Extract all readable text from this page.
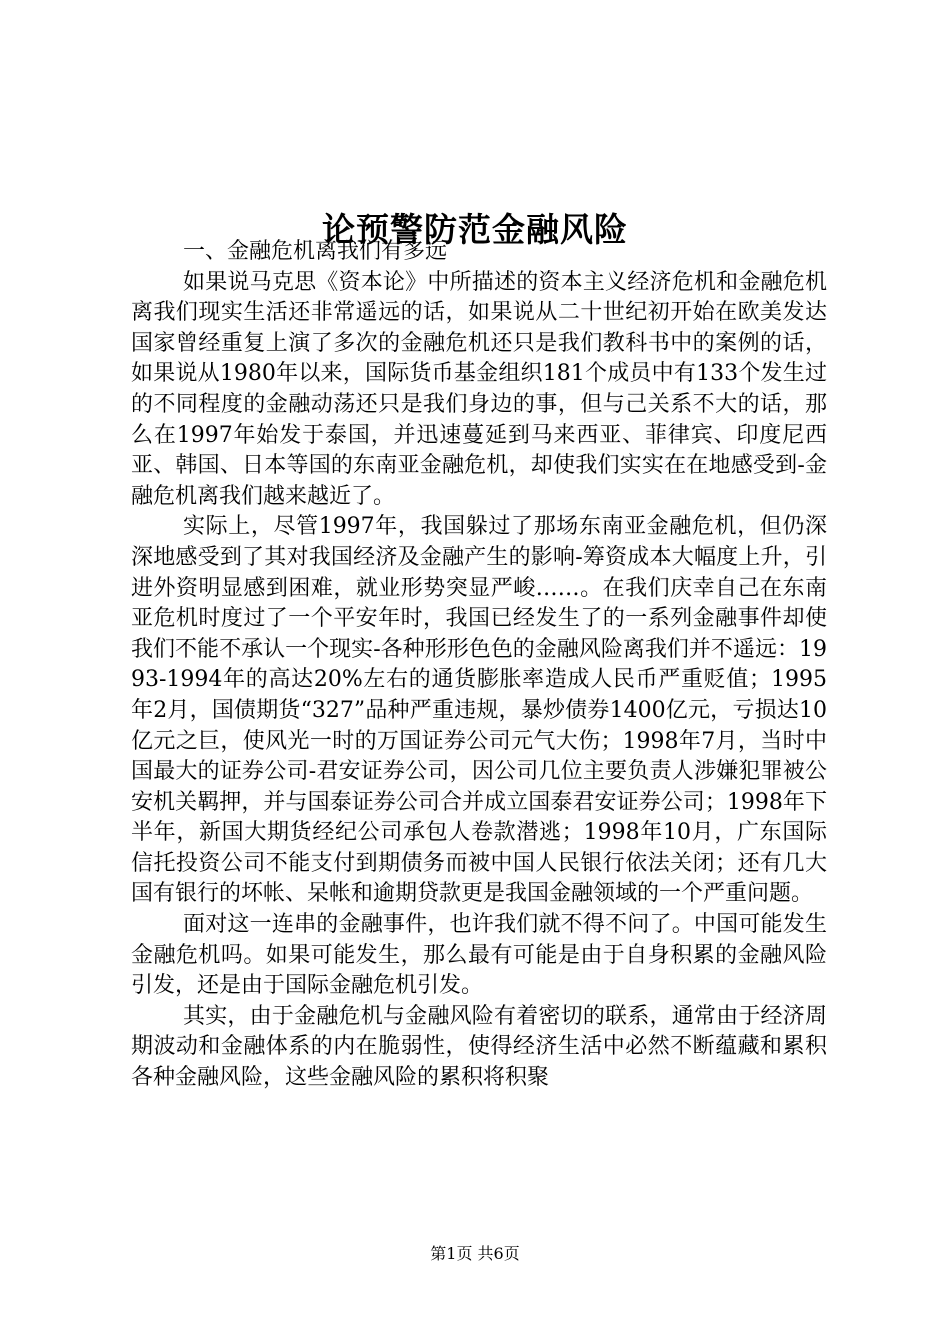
论预警防范金融风险

一、金融危机离我们有多远

如果说马克思《资本论》中所描述的资本主义经济危机和金融危机离我们现实生活还非常遥远的话，如果说从二十世纪初开始在欧美发达国家曾经重复上演了多次的金融危机还只是我们教科书中的案例的话，如果说从1980年以来，国际货币基金组织181个成员中有133个发生过的不同程度的金融动荡还只是我们身边的事，但与己关系不大的话，那么在1997年始发于泰国，并迅速蔓延到马来西亚、菲律宾、印度尼西亚、韩国、日本等国的东南亚金融危机，却使我们实实在在地感受到-金融危机离我们越来越近了。

实际上，尽管1997年，我国躲过了那场东南亚金融危机，但仍深深地感受到了其对我国经济及金融产生的影响-筹资成本大幅度上升，引进外资明显感到困难，就业形势突显严峻……。在我们庆幸自己在东南亚危机时度过了一个平安年时，我国已经发生了的一系列金融事件却使我们不能不承认一个现实-各种形形色色的金融风险离我们并不遥远：1993-1994年的高达20%左右的通货膨胀率造成人民币严重贬值；1995年2月，国债期货“327”品种严重违规，暴炒债券1400亿元，亏损达10亿元之巨，使风光一时的万国证券公司元气大伤；1998年7月，当时中国最大的证券公司-君安证券公司，因公司几位主要负责人涉嫌犯罪被公安机关羁押，并与国泰证券公司合并成立国泰君安证券公司；1998年下半年，新国大期货经纪公司承包人卷款潜逃；1998年10月，广东国际信托投资公司不能支付到期债务而被中国人民银行依法关闭；还有几大国有银行的坏帐、呆帐和逾期贷款更是我国金融领域的一个严重问题。

面对这一连串的金融事件，也许我们就不得不问了。中国可能发生金融危机吗。如果可能发生，那么最有可能是由于自身积累的金融风险引发，还是由于国际金融危机引发。

其实，由于金融危机与金融风险有着密切的联系，通常由于经济周期波动和金融体系的内在脆弱性，使得经济生活中必然不断蕴藏和累积各种金融风险，这些金融风险的累积将积聚

第1页 共6页
